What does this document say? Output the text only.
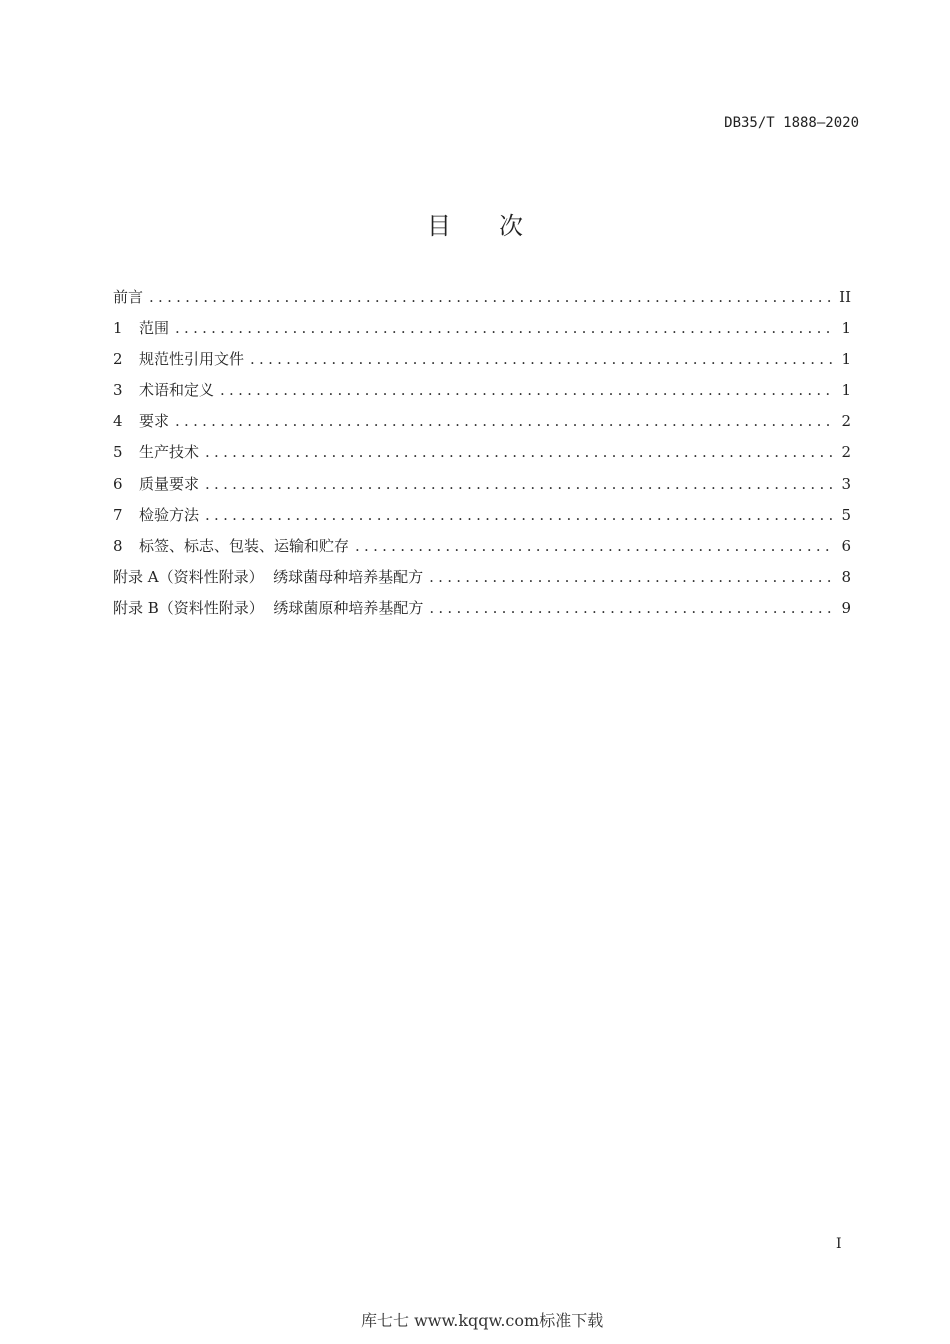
DB35/T 1888—2020
目次
前言 . . .	II
1	范围 . . .	1
2	规范性引用文件 . . .	1
3	术语和定义 . . .	1
4	要求 . . .	2
5	生产技术 . . .	2
6	质量要求 . . .	3
7	检验方法 . . .	5
8	标签、标志、包装、运输和贮存 . . .	6
附录 A（资料性附录）  绣球菌母种培养基配方 . . .	8
附录 B（资料性附录）  绣球菌原种培养基配方 . . .	9
I
库七七 www.kqqw.com标准下载
